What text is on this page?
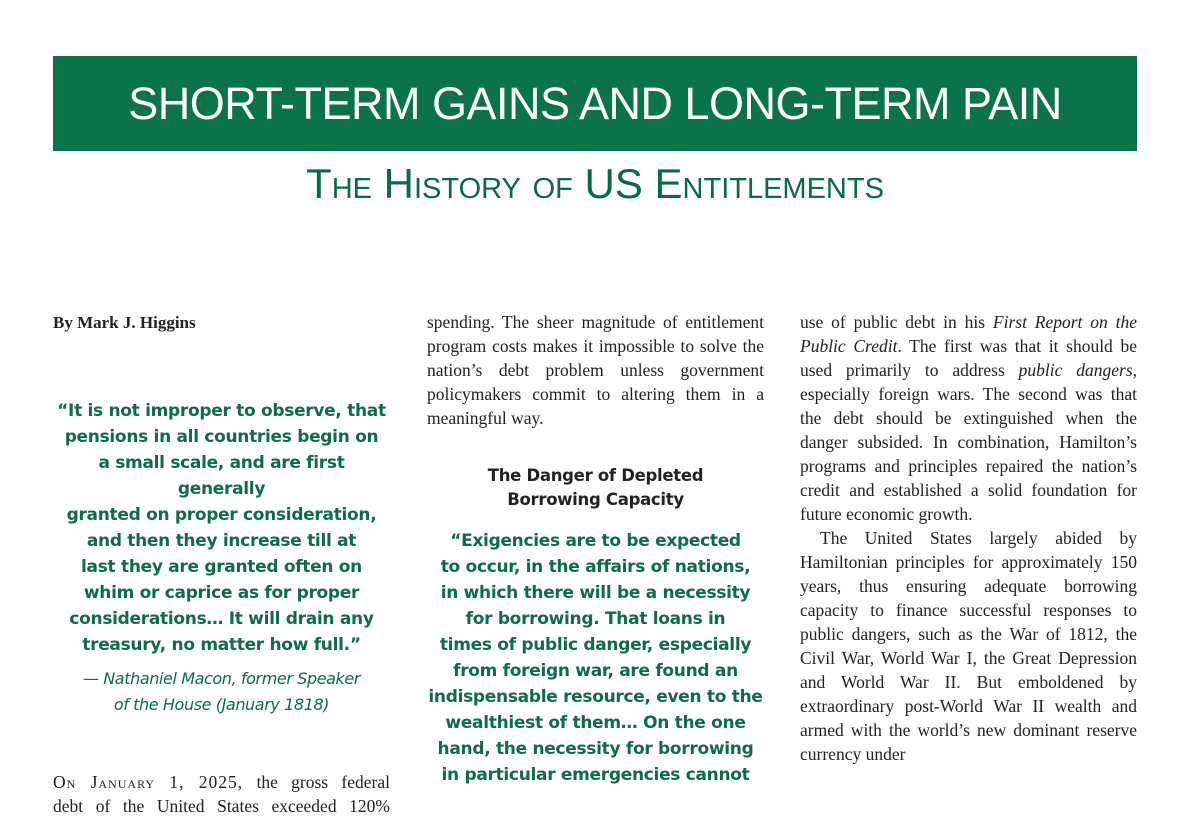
SHORT-TERM GAINS AND LONG-TERM PAIN
The History of US Entitlements

By Mark J. Higgins

“It is not improper to observe, that

pensions in all countries begin on

a small scale, and are first generally

granted on proper consideration,

and then they increase till at

last they are granted often on

whim or caprice as for proper

considerations… It will drain any

treasury, no matter how full.”

— Nathaniel Macon, former Speaker

of the House (January 1818)

On January 1, 2025, the gross federal

debt of the United States exceeded 120%

spending. The sheer magnitude of entitlement program costs makes it impossible to solve the nation’s debt problem unless government policymakers commit to altering them in a meaningful way.

The Danger of Depleted

Borrowing Capacity

“Exigencies are to be expected

to occur, in the affairs of nations,

in which there will be a necessity

for borrowing. That loans in

times of public danger, especially

from foreign war, are found an

indispensable resource, even to the

wealthiest of them… On the one

hand, the necessity for borrowing

in particular emergencies cannot

use of public debt in his First Report on the Public Credit. The first was that it should be used primarily to address public dangers, especially foreign wars. The second was that the debt should be extinguished when the danger subsided. In combination, Hamilton’s programs and principles repaired the nation’s credit and established a solid foundation for future economic growth.

The United States largely abided by Hamiltonian principles for approximately 150 years, thus ensuring adequate borrowing capacity to finance successful responses to public dangers, such as the War of 1812, the Civil War, World War I, the Great Depression and World War II. But emboldened by extraordinary post-World War II wealth and armed with the world’s new dominant reserve currency under
